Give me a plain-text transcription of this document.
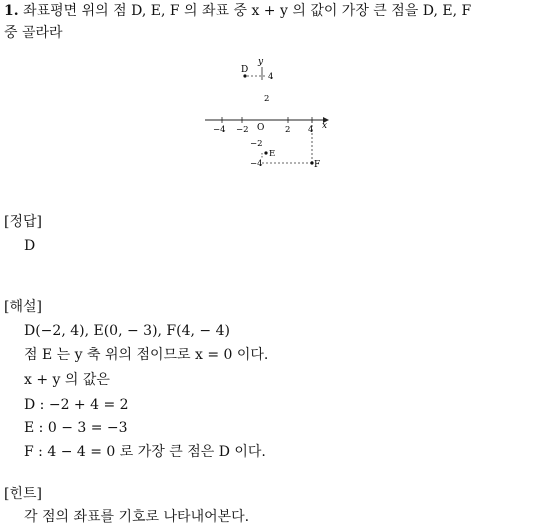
1. 좌표평면 위의 점 D, E, F 의 좌표 중 x + y 의 값이 가장 큰 점을 D, E, F
중 골라라
y
x
−4 −2 O 2 4
4
2
−2
−4
D
E
F
[정답]
D
[해설]
D(−2, 4), E(0, − 3), F(4, − 4)
점 E 는 y 축 위의 점이므로 x = 0 이다.
x + y 의 값은
D : −2 + 4 = 2
E : 0 − 3 = −3
F : 4 − 4 = 0 로 가장 큰 점은 D 이다.
[힌트]
각 점의 좌표를 기호로 나타내어본다.
